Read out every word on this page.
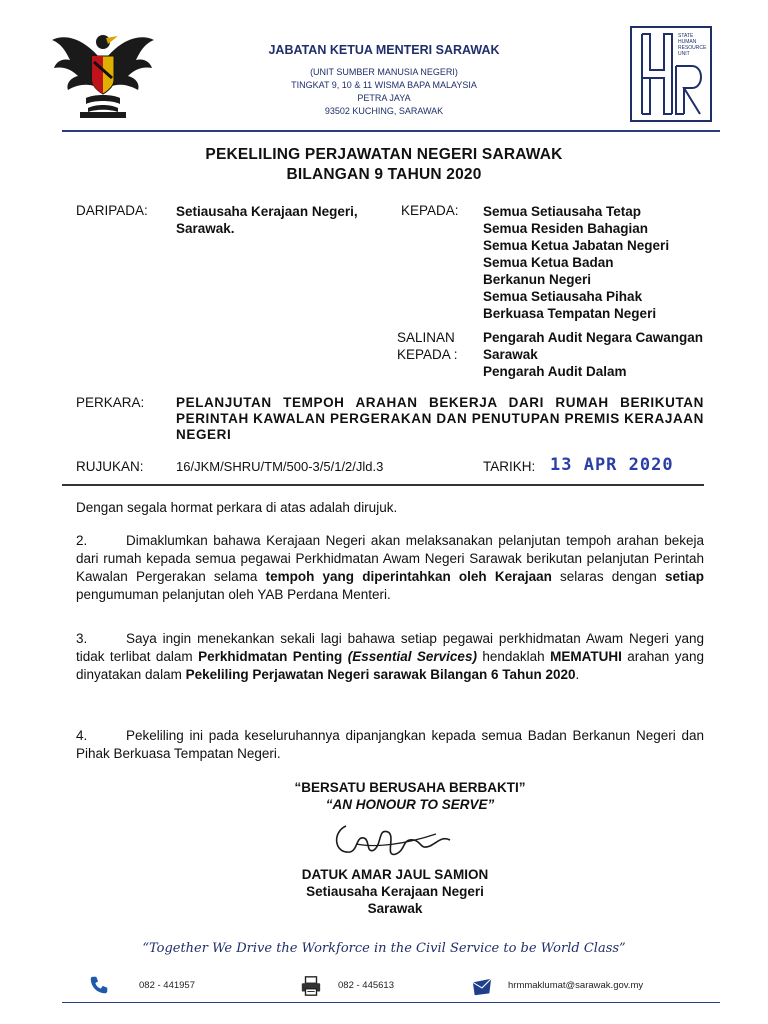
JABATAN KETUA MENTERI SARAWAK
(UNIT SUMBER MANUSIA NEGERI)
TINGKAT 9, 10 & 11 WISMA BAPA MALAYSIA
PETRA JAYA
93502 KUCHING, SARAWAK
STATE
HUMAN
RESOURCE
UNIT
PEKELILING PERJAWATAN NEGERI SARAWAK
BILANGAN 9 TAHUN 2020
DARIPADA: Setiausaha Kerajaan Negeri,
Sarawak.
KEPADA: Semua Setiausaha Tetap
Semua Residen Bahagian
Semua Ketua Jabatan Negeri
Semua Ketua Badan
Berkanun Negeri
Semua Setiausaha Pihak
Berkuasa Tempatan Negeri
SALINAN
KEPADA :
Pengarah Audit Negara Cawangan
Sarawak
Pengarah Audit Dalam
PERKARA: PELANJUTAN TEMPOH ARAHAN BEKERJA DARI RUMAH BERIKUTAN PERINTAH KAWALAN PERGERAKAN DAN PENUTUPAN PREMIS KERAJAAN NEGERI
RUJUKAN: 16/JKM/SHRU/TM/500-3/5/1/2/Jld.3	TARIKH: 13 APR 2020
Dengan segala hormat perkara di atas adalah dirujuk.
2.	Dimaklumkan bahawa Kerajaan Negeri akan melaksanakan pelanjutan tempoh arahan bekeja dari rumah kepada semua pegawai Perkhidmatan Awam Negeri Sarawak berikutan pelanjutan Perintah Kawalan Pergerakan selama tempoh yang diperintahkan oleh Kerajaan selaras dengan setiap pengumuman pelanjutan oleh YAB Perdana Menteri.
3.	Saya ingin menekankan sekali lagi bahawa setiap pegawai perkhidmatan Awam Negeri yang tidak terlibat dalam Perkhidmatan Penting (Essential Services) hendaklah MEMATUHI arahan yang dinyatakan dalam Pekeliling Perjawatan Negeri sarawak Bilangan 6 Tahun 2020.
4.	Pekeliling ini pada keseluruhannya dipanjangkan kepada semua Badan Berkanun Negeri dan Pihak Berkuasa Tempatan Negeri.
“BERSATU BERUSAHA BERBAKTI”
“AN HONOUR TO SERVE”
DATUK AMAR JAUL SAMION
Setiausaha Kerajaan Negeri
Sarawak
“Together We Drive the Workforce in the Civil Service to be World Class”
082 - 441957	082 - 445613	hrmmaklumat@sarawak.gov.my
